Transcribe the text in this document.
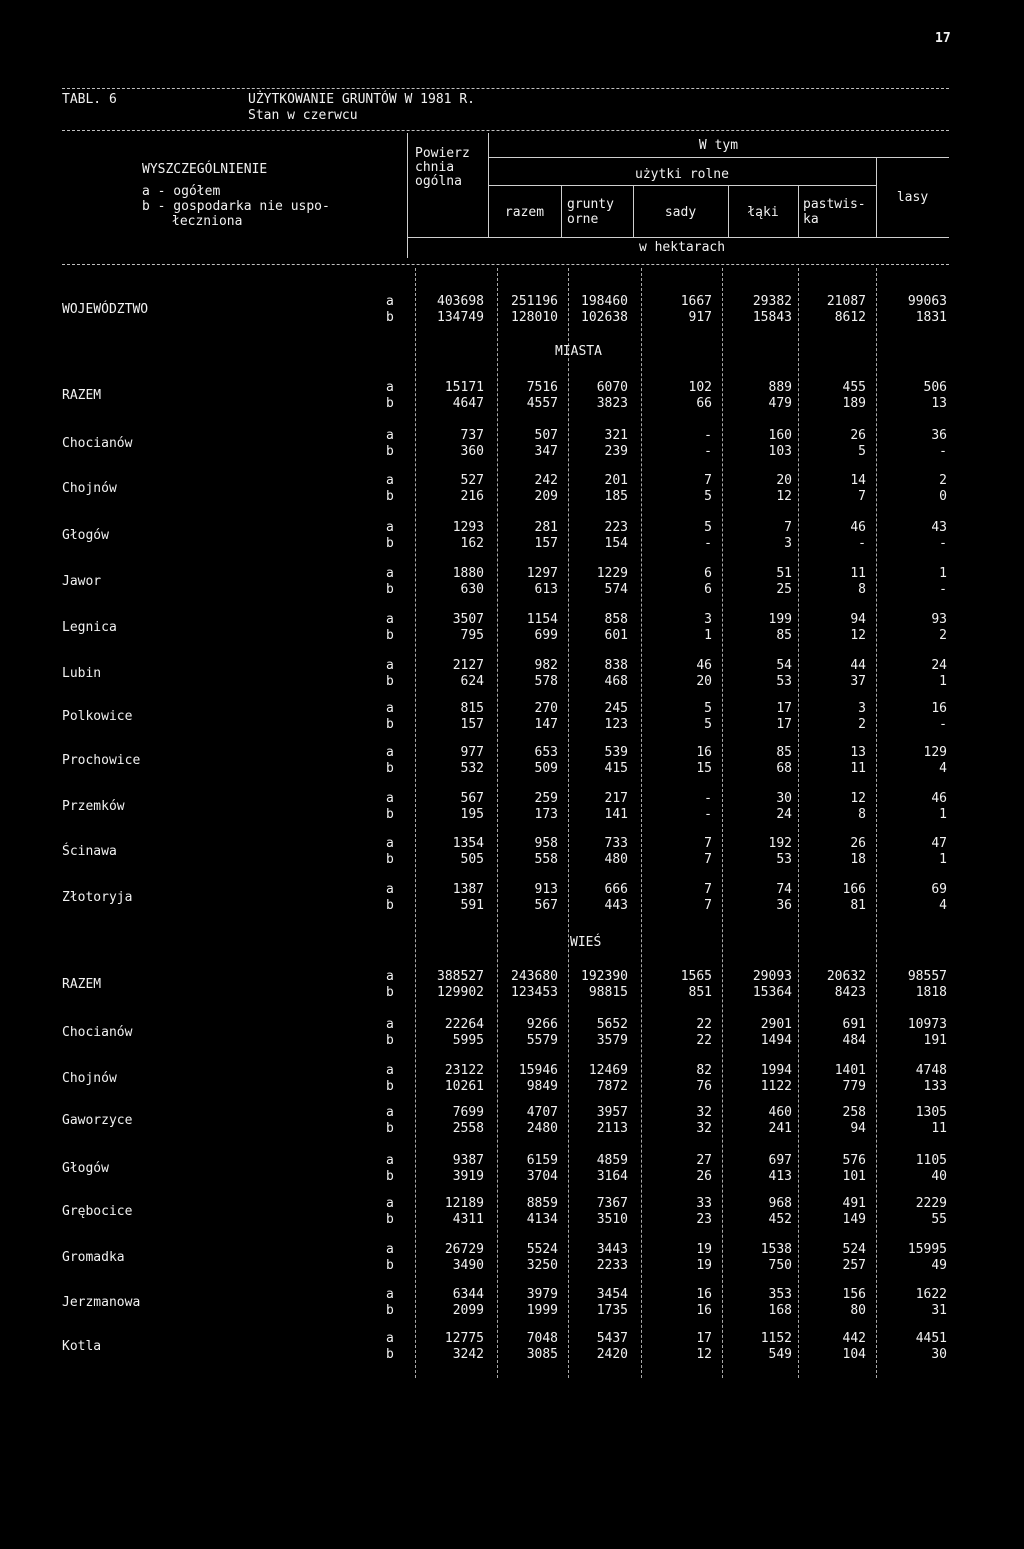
17
TABL. 6	UŻYTKOWANIE GRUNTÓW W 1981 R.
Stan w czerwcu
WYSZCZEGÓLNIENIE
a - ogółem
b - gospodarka nie uspo-
łeczniona
Powierz
chnia
ogólna
W tym
użytki rolne
razem
grunty
orne	sady	łąki
pastwis-
ka
lasy
w hektarach
MIASTA
WIEŚ
WOJEWÓDZTWO
a	403698	251196	198460	1667	29382	21087	99063
b	134749	128010	102638	917	15843	8612	1831
RAZEM
a	15171	7516	6070	102	889	455	506
b	4647	4557	3823	66	479	189	13
Chocianów
a	737	507	321	-	160	26	36
b	360	347	239	-	103	5	-
Chojnów
a	527	242	201	7	20	14	2
b	216	209	185	5	12	7	0
Głogów
a	1293	281	223	5	7	46	43
b	162	157	154	-	3	-	-
Jawor
a	1880	1297	1229	6	51	11	1
b	630	613	574	6	25	8	-
Legnica
a	3507	1154	858	3	199	94	93
b	795	699	601	1	85	12	2
Lubin
a	2127	982	838	46	54	44	24
b	624	578	468	20	53	37	1
Polkowice
a	815	270	245	5	17	3	16
b	157	147	123	5	17	2	-
Prochowice
a	977	653	539	16	85	13	129
b	532	509	415	15	68	11	4
Przemków
a	567	259	217	-	30	12	46
b	195	173	141	-	24	8	1
Ścinawa
a	1354	958	733	7	192	26	47
b	505	558	480	7	53	18	1
Złotoryja
a	1387	913	666	7	74	166	69
b	591	567	443	7	36	81	4
RAZEM
a	388527	243680	192390	1565	29093	20632	98557
b	129902	123453	98815	851	15364	8423	1818
Chocianów
a	22264	9266	5652	22	2901	691	10973
b	5995	5579	3579	22	1494	484	191
Chojnów
a	23122	15946	12469	82	1994	1401	4748
b	10261	9849	7872	76	1122	779	133
Gaworzyce
a	7699	4707	3957	32	460	258	1305
b	2558	2480	2113	32	241	94	11
Głogów
a	9387	6159	4859	27	697	576	1105
b	3919	3704	3164	26	413	101	40
Grębocice
a	12189	8859	7367	33	968	491	2229
b	4311	4134	3510	23	452	149	55
Gromadka
a	26729	5524	3443	19	1538	524	15995
b	3490	3250	2233	19	750	257	49
Jerzmanowa
a	6344	3979	3454	16	353	156	1622
b	2099	1999	1735	16	168	80	31
Kotla
a	12775	7048	5437	17	1152	442	4451
b	3242	3085	2420	12	549	104	30
